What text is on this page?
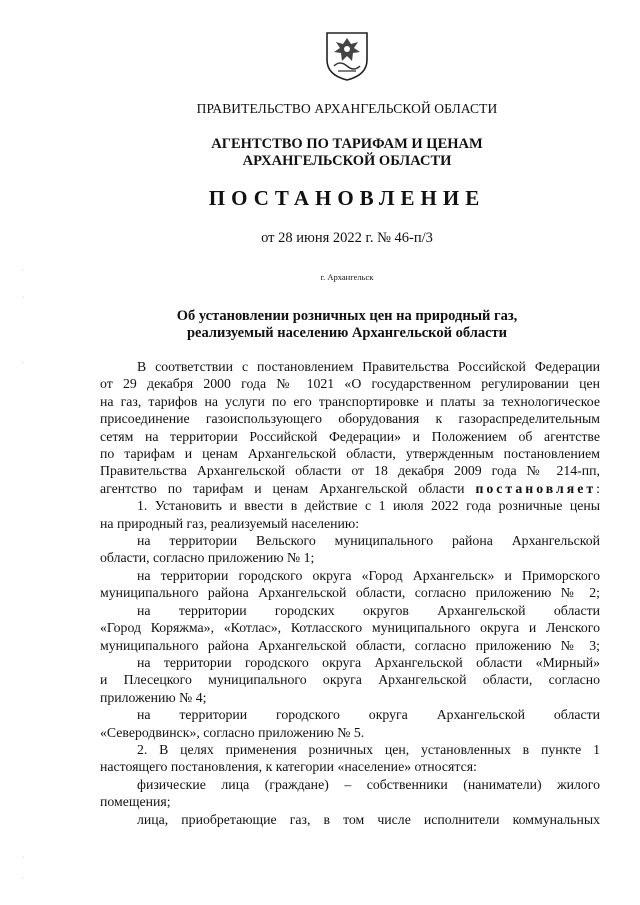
ПРАВИТЕЛЬСТВО АРХАНГЕЛЬСКОЙ ОБЛАСТИ
АГЕНТСТВО ПО ТАРИФАМ И ЦЕНАМ
АРХАНГЕЛЬСКОЙ ОБЛАСТИ
ПОСТАНОВЛЕНИЕ
от 28 июня 2022 г. № 46-п/3
г. Архангельск
Об установлении розничных цен на природный газ,
реализуемый населению Архангельской области

В соответствии с постановлением Правительства Российской Федерации

от 29 декабря 2000 года № 1021 «О государственном регулировании цен

на газ, тарифов на услуги по его транспортировке и платы за технологическое

присоединение газоиспользующего оборудования к газораспределительным

сетям на территории Российской Федерации» и Положением об агентстве

по тарифам и ценам Архангельской области, утвержденным постановлением

Правительства Архангельской области от 18 декабря 2009 года № 214-пп,

агентство по тарифам и ценам Архангельской области постановляет:

1. Установить и ввести в действие с 1 июля 2022 года розничные цены

на природный газ, реализуемый населению:

на территории Вельского муниципального района Архангельской

области, согласно приложению № 1;

на территории городского округа «Город Архангельск» и Приморского

муниципального района Архангельской области, согласно приложению № 2;

на территории городских округов Архангельской области

«Город Коряжма», «Котлас», Котласского муниципального округа и Ленского

муниципального района Архангельской области, согласно приложению № 3;

на территории городского округа Архангельской области «Мирный»

и Плесецкого муниципального округа Архангельской области, согласно

приложению № 4;

на территории городского округа Архангельской области

«Северодвинск», согласно приложению № 5.

2. В целях применения розничных цен, установленных в пункте 1

настоящего постановления, к категории «население» относятся:

физические лица (граждане) – собственники (наниматели) жилого

помещения;

лица, приобретающие газ, в том числе исполнители коммунальных

·
·
·
·
·
